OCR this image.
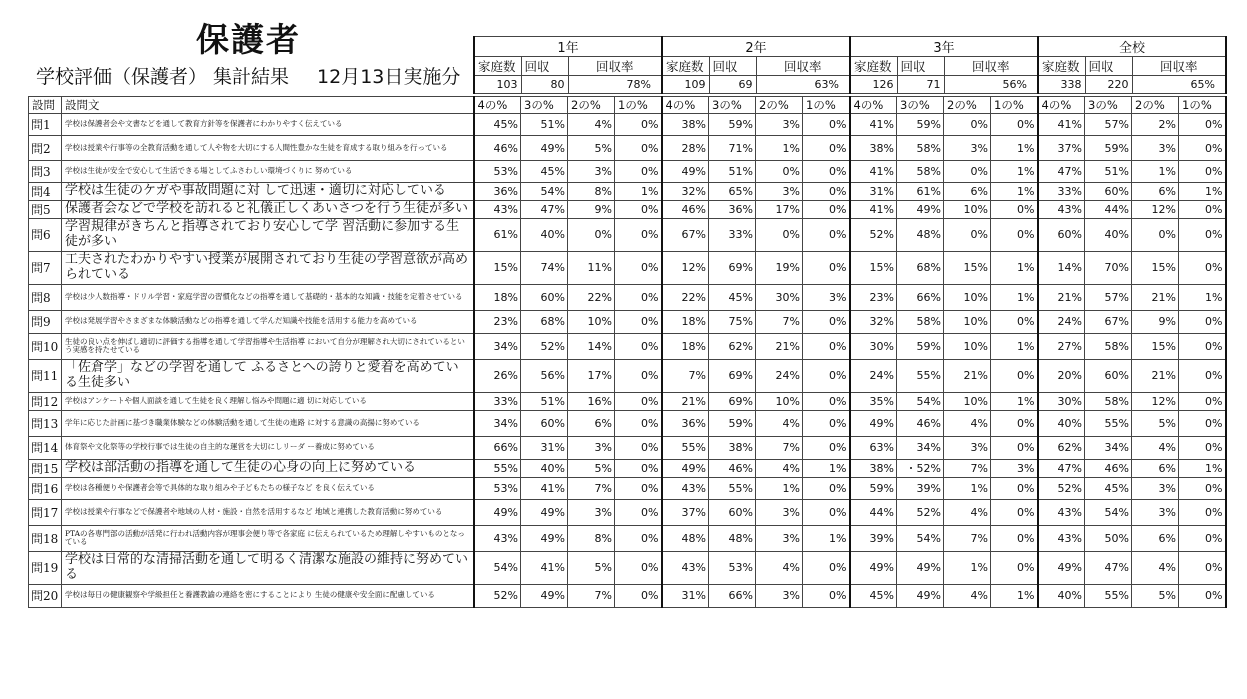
保護者
学校評価（保護者） 集計結果 12月13日実施分
1年			2年			3年			全校		
家庭数	回収	回収率	家庭数	回収	回収率	家庭数	回収	回収率	家庭数	回収	回収率
103	80	78%	109	69	63%	126	71	56%	338	220	65%
設問	設問文	4の%	3の%	2の%	1の%	4の%	3の%	2の%	1の%	4の%	3の%	2の%	1の%	4の%	3の%	2の%	1の%
問1	学校は保護者会や文書などを通して教育方針等を保護者にわかりやすく伝えている	45%	51%	4%	0%	38%	59%	3%	0%	41%	59%	0%	0%	41%	57%	2%	0%
問2	学校は授業や行事等の全教育活動を通して人や物を大切にする人間性豊かな生徒を育成する取り組みを行っている	46%	49%	5%	0%	28%	71%	1%	0%	38%	58%	3%	1%	37%	59%	3%	0%
問3	学校は生徒が安全で安心して生活できる場としてふさわしい環境づくりに 努めている	53%	45%	3%	0%	49%	51%	0%	0%	41%	58%	0%	1%	47%	51%	1%	0%
問4	学校は生徒のケガや事故問題に対 して迅速・適切に対応している	36%	54%	8%	1%	32%	65%	3%	0%	31%	61%	6%	1%	33%	60%	6%	1%
問5	保護者会などで学校を訪れると礼儀正しくあいさつを行う生徒が多い	43%	47%	9%	0%	46%	36%	17%	0%	41%	49%	10%	0%	43%	44%	12%	0%
問6	学習規律がきちんと指導されており安心して学 習活動に参加する生徒が多い	61%	40%	0%	0%	67%	33%	0%	0%	52%	48%	0%	0%	60%	40%	0%	0%
問7	工夫されたわかりやすい授業が展開されており生徒の学習意欲が高められている	15%	74%	11%	0%	12%	69%	19%	0%	15%	68%	15%	1%	14%	70%	15%	0%
問8	学校は少人数指導・ドリル学習・家庭学習の習慣化などの指導を通して基礎的・基本的な知識・技能を定着させている	18%	60%	22%	0%	22%	45%	30%	3%	23%	66%	10%	1%	21%	57%	21%	1%
問9	学校は発展学習やさまざまな体験活動などの指導を通して学んだ知識や技能を活用する能力を高めている	23%	68%	10%	0%	18%	75%	7%	0%	32%	58%	10%	0%	24%	67%	9%	0%
問10	生徒の良い点を伸ばし適切に評価する指導を通して学習指導や生活指導 において自分が理解され大切にされているという実感を持たせている	34%	52%	14%	0%	18%	62%	21%	0%	30%	59%	10%	1%	27%	58%	15%	0%
問11	「佐倉学」などの学習を通して ふるさとへの誇りと愛着を高めている生徒多い	26%	56%	17%	0%	7%	69%	24%	0%	24%	55%	21%	0%	20%	60%	21%	0%
問12	学校はアンケートや個人面談を通して生徒を良く理解し悩みや問題に適 切に対応している	33%	51%	16%	0%	21%	69%	10%	0%	35%	54%	10%	1%	30%	58%	12%	0%
問13	学年に応じた計画に基づき職業体験などの体験活動を通して生徒の進路 に対する意識の高揚に努めている	34%	60%	6%	0%	36%	59%	4%	0%	49%	46%	4%	0%	40%	55%	5%	0%
問14	体育祭や文化祭等の学校行事では生徒の自主的な運営を大切にしリーダ ー養成に努めている	66%	31%	3%	0%	55%	38%	7%	0%	63%	34%	3%	0%	62%	34%	4%	0%
問15	学校は部活動の指導を通して生徒の心身の向上に努めている	55%	40%	5%	0%	49%	46%	4%	1%	38%	・52%	7%	3%	47%	46%	6%	1%
問16	学校は各種便りや保護者会等で具体的な取り組みや子どもたちの様子など を良く伝えている	53%	41%	7%	0%	43%	55%	1%	0%	59%	39%	1%	0%	52%	45%	3%	0%
問17	学校は授業や行事などで保護者や地域の人材・施設・自然を活用するなど 地域と連携した教育活動に努めている	49%	49%	3%	0%	37%	60%	3%	0%	44%	52%	4%	0%	43%	54%	3%	0%
問18	PTAの各専門部の活動が活発に行われ活動内容が理事会便り等で各家庭 に伝えられているため理解しやすいものとなっている	43%	49%	8%	0%	48%	48%	3%	1%	39%	54%	7%	0%	43%	50%	6%	0%
問19	学校は日常的な清掃活動を通して明るく清潔な施設の維持に努めている	54%	41%	5%	0%	43%	53%	4%	0%	49%	49%	1%	0%	49%	47%	4%	0%
問20	学校は毎日の健康観察や学級担任と養護教諭の連絡を密にすることにより 生徒の健康や安全面に配慮している	52%	49%	7%	0%	31%	66%	3%	0%	45%	49%	4%	1%	40%	55%	5%	0%
